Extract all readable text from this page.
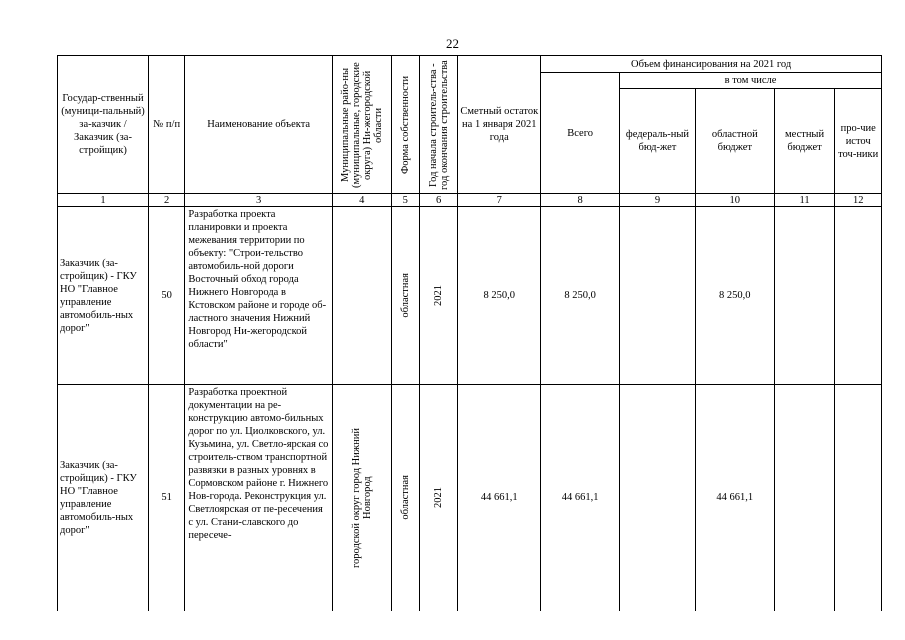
22
Государ-ственный (муници-пальный) за-казчик / Заказчик (за-стройщик)	№ п/п	Наименование объекта	Муниципальные райо-ны (муниципальные, городские округа) Ни-жегородской области	Форма собственности	Год начала строитель-ства - год окончания строительства	Сметный остаток на 1 января 2021 года	Объем финансирования на 2021 год				
							Всего	в том числе			
								федераль-ный бюд-жет	областной бюджет	местный бюджет	про-чие источ точ-ники
1	2	3	4	5	6	7	8	9	10	11	12
Заказчик (за-стройщик) - ГКУ НО "Главное управление автомобиль-ных дорог"	50	Разработка проекта планировки и проекта межевания территории по объекту: "Строи-тельство автомобиль-ной дороги Восточный обход города Нижнего Новгорода в Кстовском районе и городе об-ластного значения Нижний Новгород Ни-жегородской области"		областная	2021	8 250,0	8 250,0		8 250,0		
Заказчик (за-стройщик) - ГКУ НО "Главное управление автомобиль-ных дорог"	51	Разработка проектной документации на ре-конструкцию автомо-бильных дорог по ул. Циолковского, ул. Кузьмина, ул. Светло-ярская со строитель-ством транспортной развязки в разных уровнях в Сормовском районе г. Нижнего Нов-города. Реконструкция ул. Светлоярская от пе-ресечения с ул. Стани-славского до пересече-	городской округ город Нижний Новгород	областная	2021	44 661,1	44 661,1		44 661,1		
